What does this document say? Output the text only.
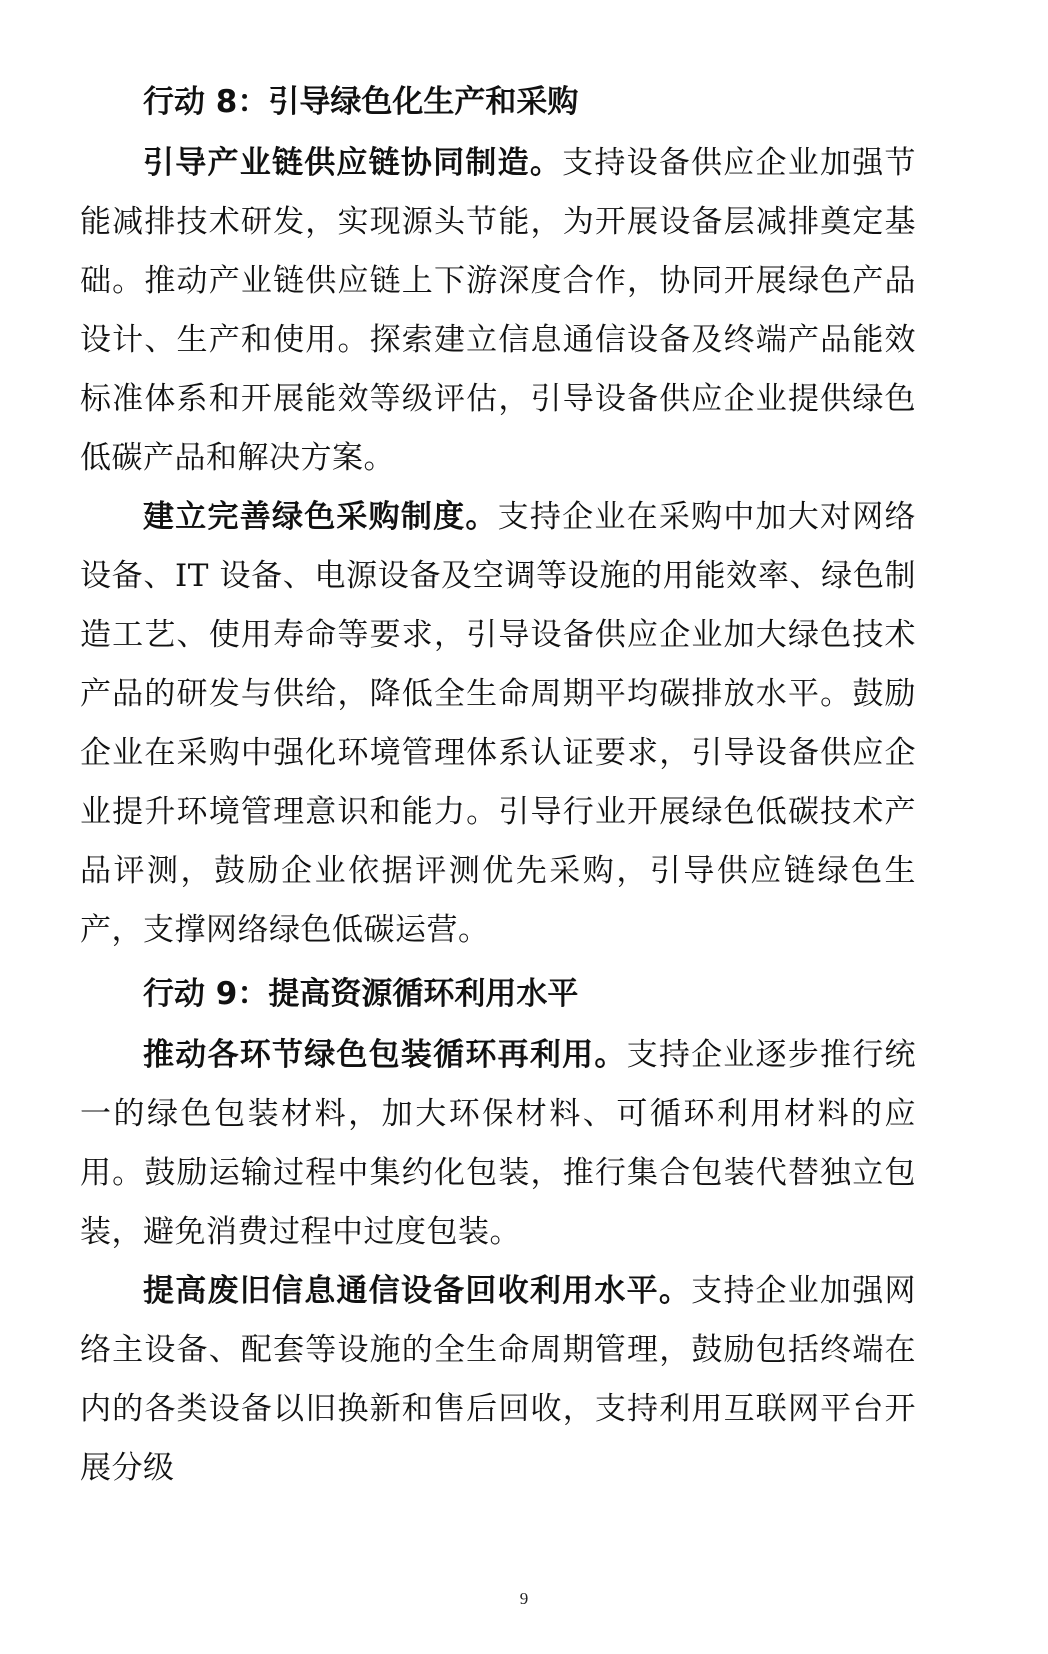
行动 8：引导绿色化生产和采购

引导产业链供应链协同制造。支持设备供应企业加强节能减排技术研发，实现源头节能，为开展设备层减排奠定基础。推动产业链供应链上下游深度合作，协同开展绿色产品设计、生产和使用。探索建立信息通信设备及终端产品能效标准体系和开展能效等级评估，引导设备供应企业提供绿色低碳产品和解决方案。

建立完善绿色采购制度。支持企业在采购中加大对网络设备、IT 设备、电源设备及空调等设施的用能效率、绿色制造工艺、使用寿命等要求，引导设备供应企业加大绿色技术产品的研发与供给，降低全生命周期平均碳排放水平。鼓励企业在采购中强化环境管理体系认证要求，引导设备供应企业提升环境管理意识和能力。引导行业开展绿色低碳技术产品评测，鼓励企业依据评测优先采购，引导供应链绿色生产，支撑网络绿色低碳运营。

行动 9：提高资源循环利用水平

推动各环节绿色包装循环再利用。支持企业逐步推行统一的绿色包装材料，加大环保材料、可循环利用材料的应用。鼓励运输过程中集约化包装，推行集合包装代替独立包装，避免消费过程中过度包装。

提高废旧信息通信设备回收利用水平。支持企业加强网络主设备、配套等设施的全生命周期管理，鼓励包括终端在内的各类设备以旧换新和售后回收，支持利用互联网平台开展分级

9
